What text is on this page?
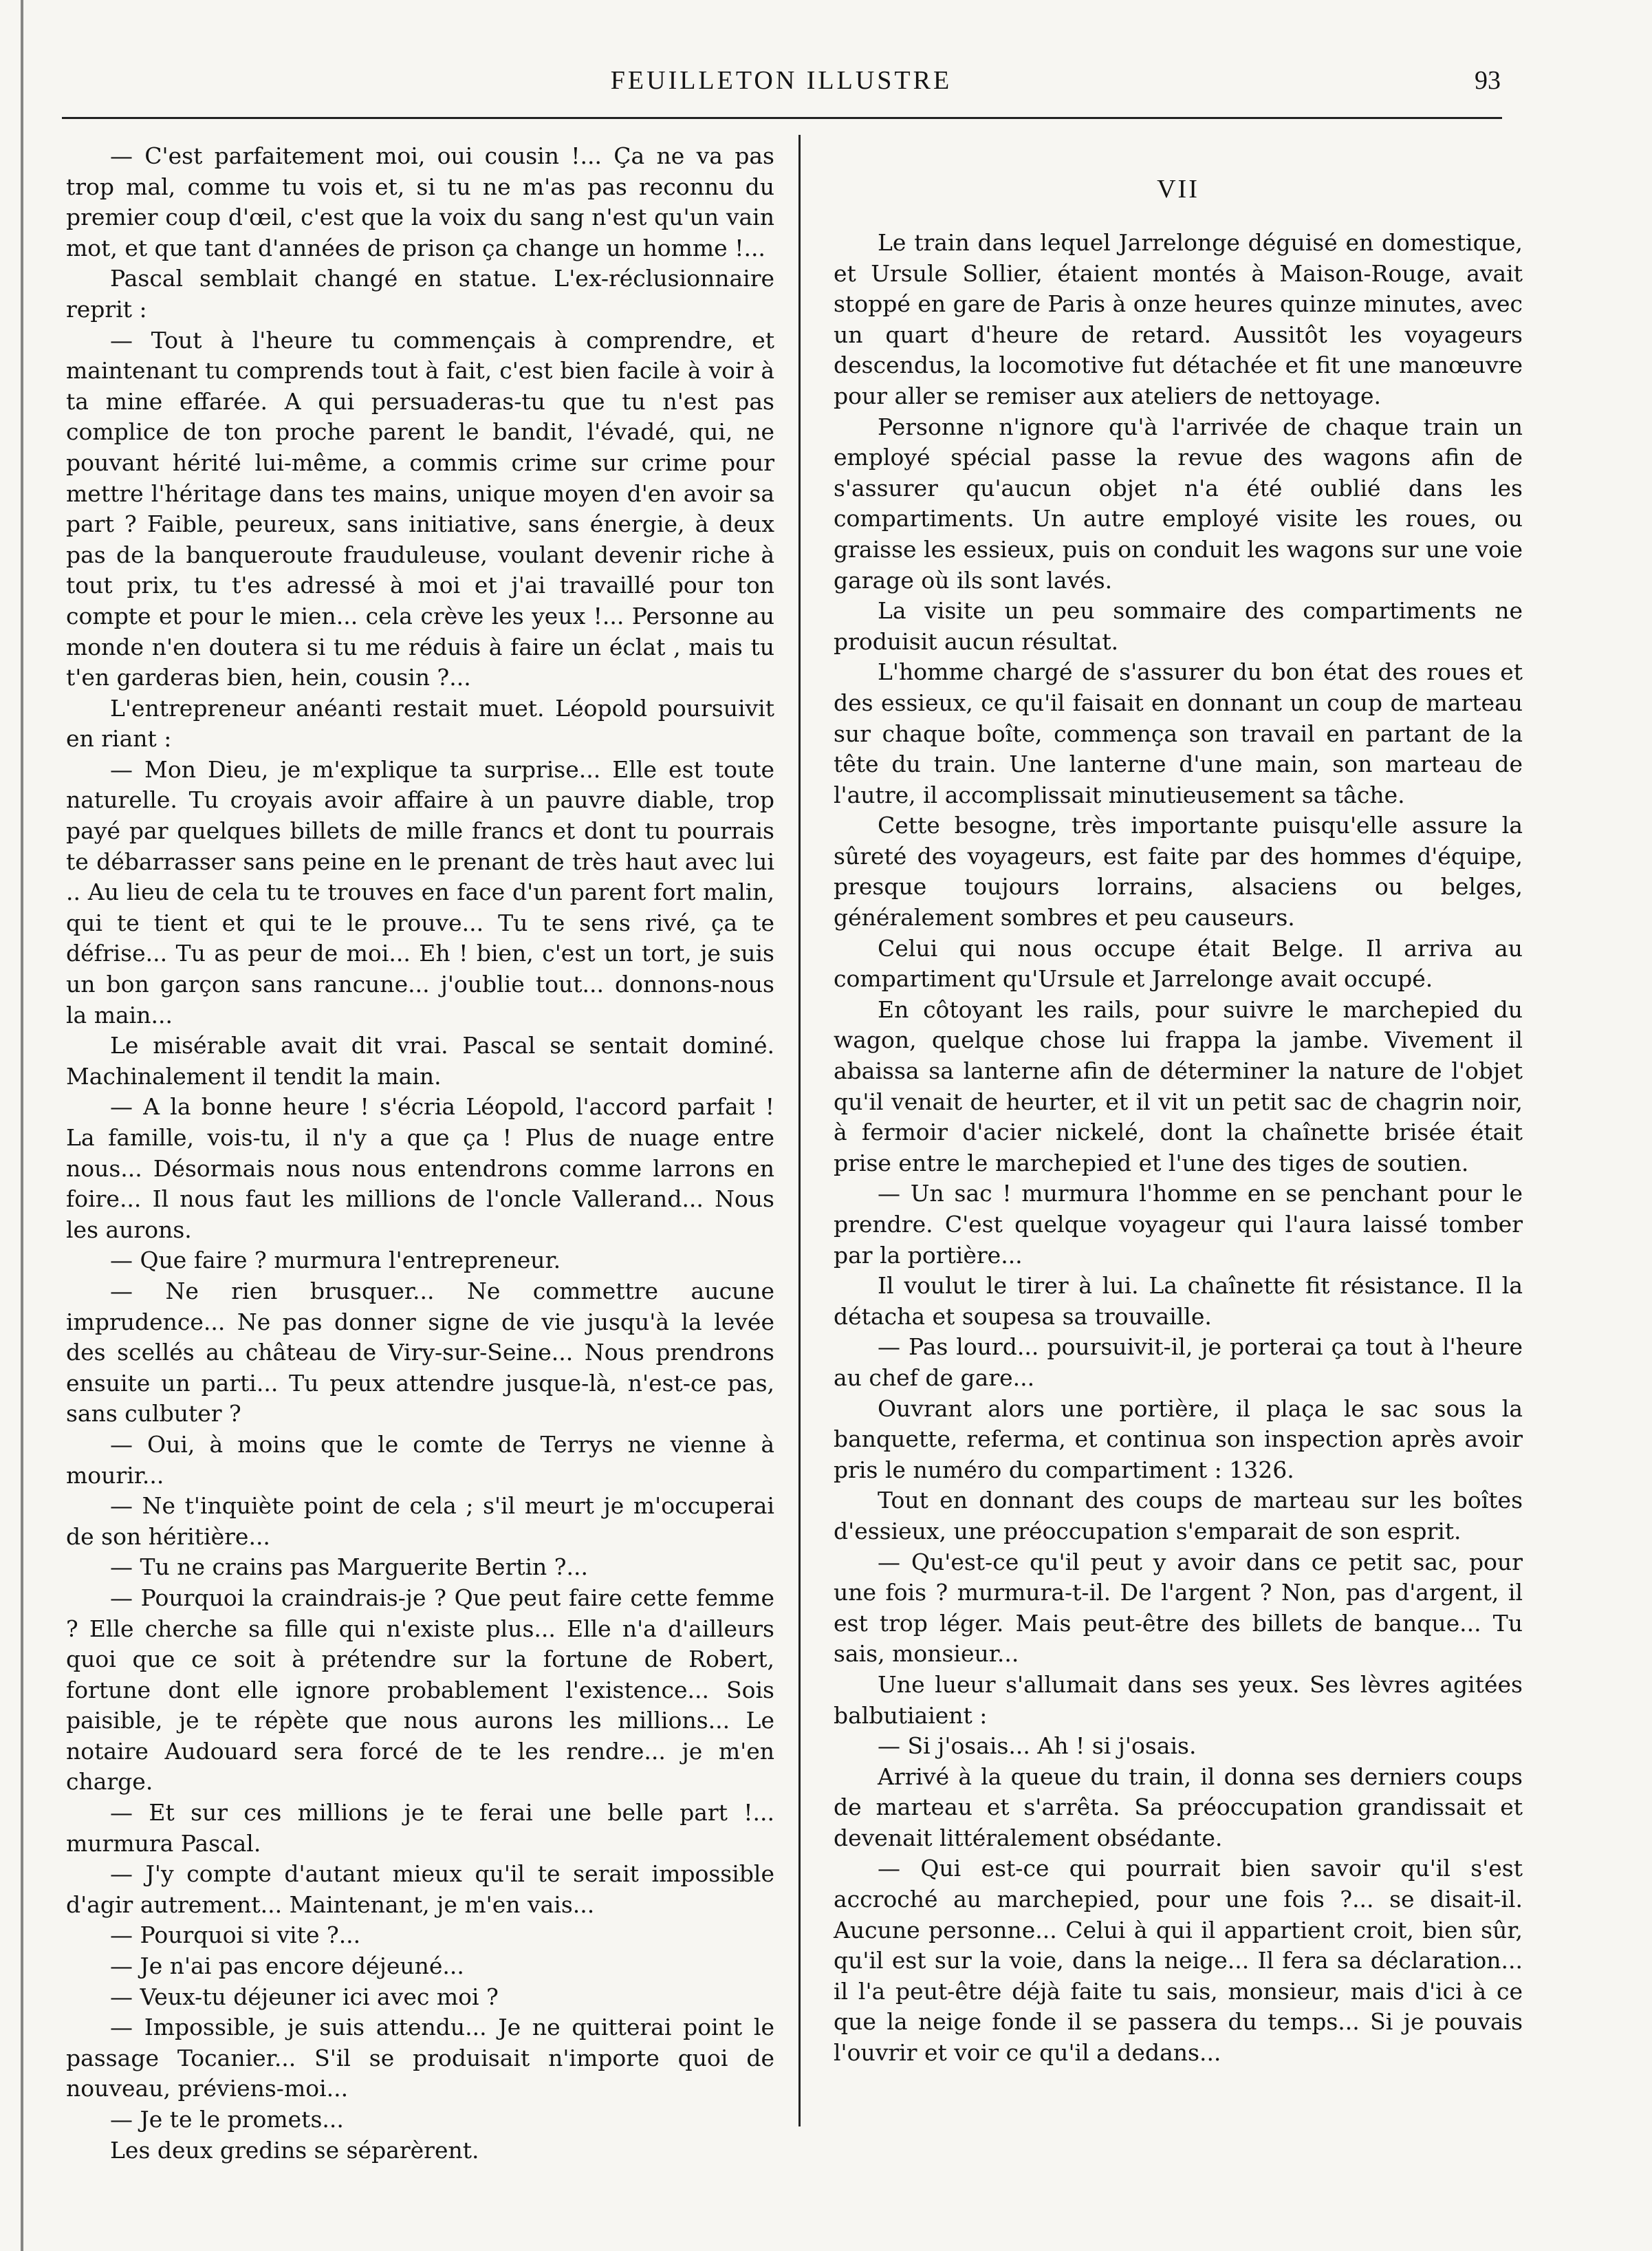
FEUILLETON ILLUSTRE	93

— C'est parfaitement moi, oui cousin !... Ça ne va pas trop mal, comme tu vois et, si tu ne m'as pas reconnu du premier coup d'œil, c'est que la voix du sang n'est qu'un vain mot, et que tant d'années de prison ça change un homme !...

Pascal semblait changé en statue. L'ex-réclusionnaire reprit :

— Tout à l'heure tu commençais à comprendre, et maintenant tu comprends tout à fait, c'est bien facile à voir à ta mine effarée. A qui persuaderas-tu que tu n'est pas complice de ton proche parent le bandit, l'évadé, qui, ne pouvant hérité lui-même, a commis crime sur crime pour mettre l'héritage dans tes mains, unique moyen d'en avoir sa part ? Faible, peureux, sans initiative, sans énergie, à deux pas de la banqueroute frauduleuse, voulant devenir riche à tout prix, tu t'es adressé à moi et j'ai travaillé pour ton compte et pour le mien... cela crève les yeux !... Personne au monde n'en doutera si tu me réduis à faire un éclat , mais tu t'en garderas bien, hein, cousin ?...

L'entrepreneur anéanti restait muet. Léopold poursuivit en riant :

— Mon Dieu, je m'explique ta surprise... Elle est toute naturelle. Tu croyais avoir affaire à un pauvre diable, trop payé par quelques billets de mille francs et dont tu pourrais te débarrasser sans peine en le prenant de très haut avec lui .. Au lieu de cela tu te trouves en face d'un parent fort malin, qui te tient et qui te le prouve... Tu te sens rivé, ça te défrise... Tu as peur de moi... Eh ! bien, c'est un tort, je suis un bon garçon sans rancune... j'oublie tout... donnons-nous la main...

Le misérable avait dit vrai. Pascal se sentait dominé. Machinalement il tendit la main.

— A la bonne heure ! s'écria Léopold, l'accord parfait ! La famille, vois-tu, il n'y a que ça ! Plus de nuage entre nous... Désormais nous nous entendrons comme larrons en foire... Il nous faut les millions de l'oncle Vallerand... Nous les aurons.

— Que faire ? murmura l'entrepreneur.

— Ne rien brusquer... Ne commettre aucune imprudence... Ne pas donner signe de vie jusqu'à la levée des scellés au château de Viry-sur-Seine... Nous prendrons ensuite un parti... Tu peux attendre jusque-là, n'est-ce pas, sans culbuter ?

— Oui, à moins que le comte de Terrys ne vienne à mourir...

— Ne t'inquiète point de cela ; s'il meurt je m'occuperai de son héritière...

— Tu ne crains pas Marguerite Bertin ?...

— Pourquoi la craindrais-je ? Que peut faire cette femme ? Elle cherche sa fille qui n'existe plus... Elle n'a d'ailleurs quoi que ce soit à prétendre sur la fortune de Robert, fortune dont elle ignore probablement l'existence... Sois paisible, je te répète que nous aurons les millions... Le notaire Audouard sera forcé de te les rendre... je m'en charge.

— Et sur ces millions je te ferai une belle part !... murmura Pascal.

— J'y compte d'autant mieux qu'il te serait impossible d'agir autrement... Maintenant, je m'en vais...

— Pourquoi si vite ?...

— Je n'ai pas encore déjeuné...

— Veux-tu déjeuner ici avec moi ?

— Impossible, je suis attendu... Je ne quitterai point le passage Tocanier... S'il se produisait n'importe quoi de nouveau, préviens-moi...

— Je te le promets...

Les deux gredins se séparèrent.

VII

Le train dans lequel Jarrelonge déguisé en domestique, et Ursule Sollier, étaient montés à Maison-Rouge, avait stoppé en gare de Paris à onze heures quinze minutes, avec un quart d'heure de retard. Aussitôt les voyageurs descendus, la locomotive fut détachée et fit une manœuvre pour aller se remiser aux ateliers de nettoyage.

Personne n'ignore qu'à l'arrivée de chaque train un employé spécial passe la revue des wagons afin de s'assurer qu'aucun objet n'a été oublié dans les compartiments. Un autre employé visite les roues, ou graisse les essieux, puis on conduit les wagons sur une voie garage où ils sont lavés.

La visite un peu sommaire des compartiments ne produisit aucun résultat.

L'homme chargé de s'assurer du bon état des roues et des essieux, ce qu'il faisait en donnant un coup de marteau sur chaque boîte, commença son travail en partant de la tête du train. Une lanterne d'une main, son marteau de l'autre, il accomplissait minutieusement sa tâche.

Cette besogne, très importante puisqu'elle assure la sûreté des voyageurs, est faite par des hommes d'équipe, presque toujours lorrains, alsaciens ou belges, généralement sombres et peu causeurs.

Celui qui nous occupe était Belge. Il arriva au compartiment qu'Ursule et Jarrelonge avait occupé.

En côtoyant les rails, pour suivre le marchepied du wagon, quelque chose lui frappa la jambe. Vivement il abaissa sa lanterne afin de déterminer la nature de l'objet qu'il venait de heurter, et il vit un petit sac de chagrin noir, à fermoir d'acier nickelé, dont la chaînette brisée était prise entre le marchepied et l'une des tiges de soutien.

— Un sac ! murmura l'homme en se penchant pour le prendre. C'est quelque voyageur qui l'aura laissé tomber par la portière...

Il voulut le tirer à lui. La chaînette fit résistance. Il la détacha et soupesa sa trouvaille.

— Pas lourd... poursuivit-il, je porterai ça tout à l'heure au chef de gare...

Ouvrant alors une portière, il plaça le sac sous la banquette, referma, et continua son inspection après avoir pris le numéro du compartiment : 1326.

Tout en donnant des coups de marteau sur les boîtes d'essieux, une préoccupation s'emparait de son esprit.

— Qu'est-ce qu'il peut y avoir dans ce petit sac, pour une fois ? murmura-t-il. De l'argent ? Non, pas d'argent, il est trop léger. Mais peut-être des billets de banque... Tu sais, monsieur...

Une lueur s'allumait dans ses yeux. Ses lèvres agitées balbutiaient :

— Si j'osais... Ah ! si j'osais.

Arrivé à la queue du train, il donna ses derniers coups de marteau et s'arrêta. Sa préoccupation grandissait et devenait littéralement obsédante.

— Qui est-ce qui pourrait bien savoir qu'il s'est accroché au marchepied, pour une fois ?... se disait-il. Aucune personne... Celui à qui il appartient croit, bien sûr, qu'il est sur la voie, dans la neige... Il fera sa déclaration... il l'a peut-être déjà faite tu sais, monsieur, mais d'ici à ce que la neige fonde il se passera du temps... Si je pouvais l'ouvrir et voir ce qu'il a dedans...
